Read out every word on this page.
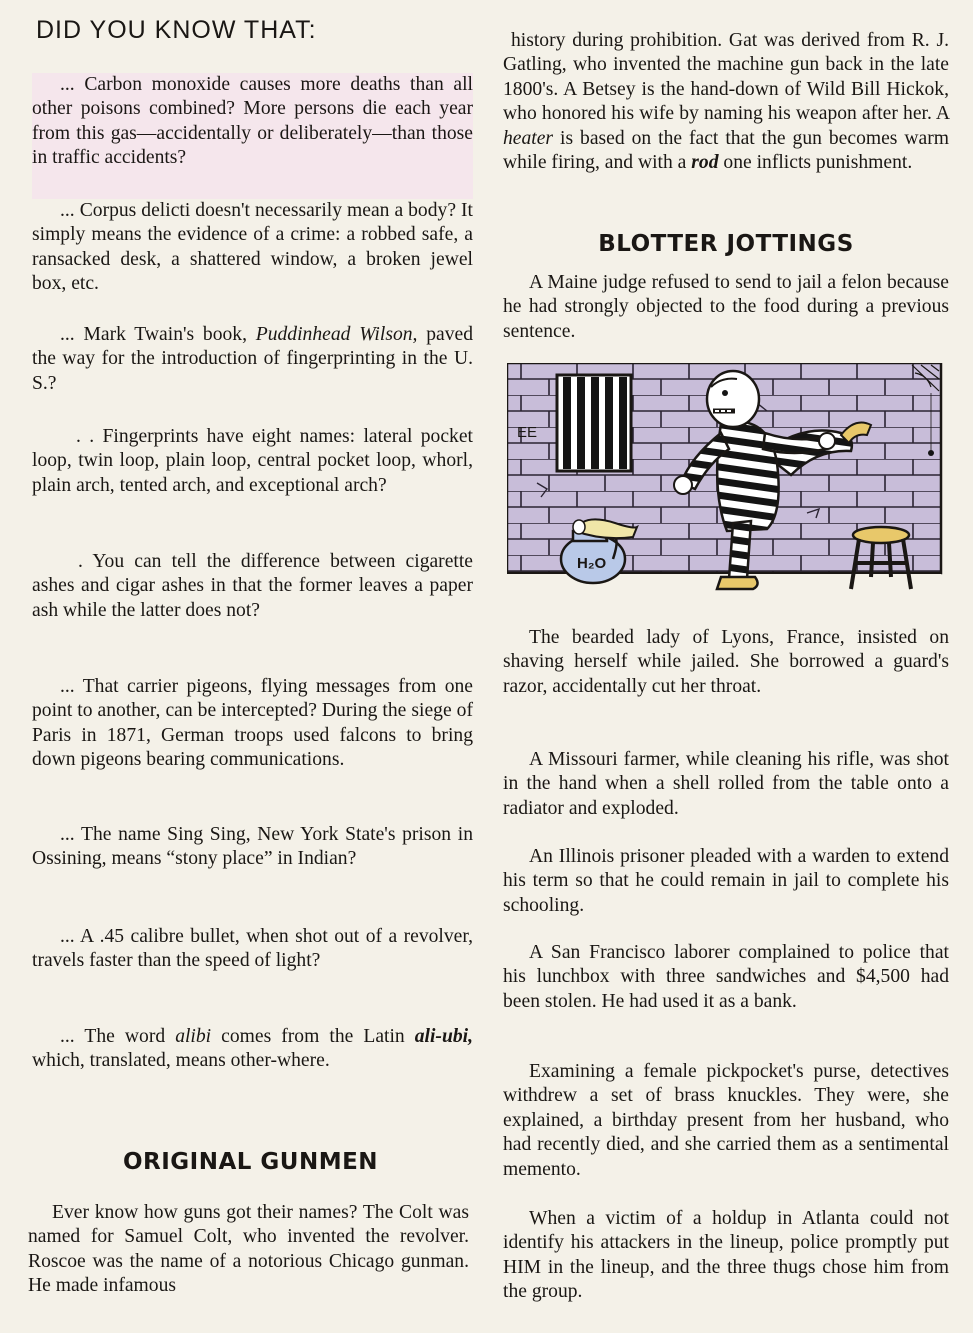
DID YOU KNOW THAT:

... Carbon monoxide causes more deaths than all other poisons combined? More persons die each year from this gas—accidentally or deliberately—than those in traffic accidents?

... Corpus delicti doesn't necessarily mean a body? It simply means the evidence of a crime: a robbed safe, a ransacked desk, a shattered window, a broken jewel box, etc.

... Mark Twain's book, Puddinhead Wilson, paved the way for the introduction of fingerprinting in the U. S.?

. . Fingerprints have eight names: lateral pocket loop, twin loop, plain loop, central pocket loop, whorl, plain arch, tented arch, and exceptional arch?

. You can tell the difference between cigarette ashes and cigar ashes in that the former leaves a paper ash while the latter does not?

... That carrier pigeons, flying messages from one point to another, can be intercepted? During the siege of Paris in 1871, German troops used falcons to bring down pigeons bearing communications.

... The name Sing Sing, New York State's prison in Ossining, means “stony place” in Indian?

... A .45 calibre bullet, when shot out of a revolver, travels faster than the speed of light?

... The word alibi comes from the Latin ali-ubi, which, translated, means other-where.

ORIGINAL GUNMEN

Ever know how guns got their names? The Colt was named for Samuel Colt, who invented the revolver. Roscoe was the name of a notorious Chicago gunman. He made infamous

history during prohibition. Gat was derived from R. J. Gatling, who invented the machine gun back in the late 1800's. A Betsey is the hand-down of Wild Bill Hickok, who honored his wife by naming his weapon after her. A heater is based on the fact that the gun becomes warm while firing, and with a rod one inflicts punishment.

BLOTTER JOTTINGS

A Maine judge refused to send to jail a felon because he had strongly objected to the food during a previous sentence.

EE
H₂O

The bearded lady of Lyons, France, insisted on shaving herself while jailed. She borrowed a guard's razor, accidentally cut her throat.

A Missouri farmer, while cleaning his rifle, was shot in the hand when a shell rolled from the table onto a radiator and exploded.

An Illinois prisoner pleaded with a warden to extend his term so that he could remain in jail to complete his schooling.

A San Francisco laborer complained to police that his lunchbox with three sandwiches and $4,500 had been stolen. He had used it as a bank.

Examining a female pickpocket's purse, detectives withdrew a set of brass knuckles. They were, she explained, a birthday present from her husband, who had recently died, and she carried them as a sentimental memento.

When a victim of a holdup in Atlanta could not identify his attackers in the lineup, police promptly put HIM in the lineup, and the three thugs chose him from the group.
